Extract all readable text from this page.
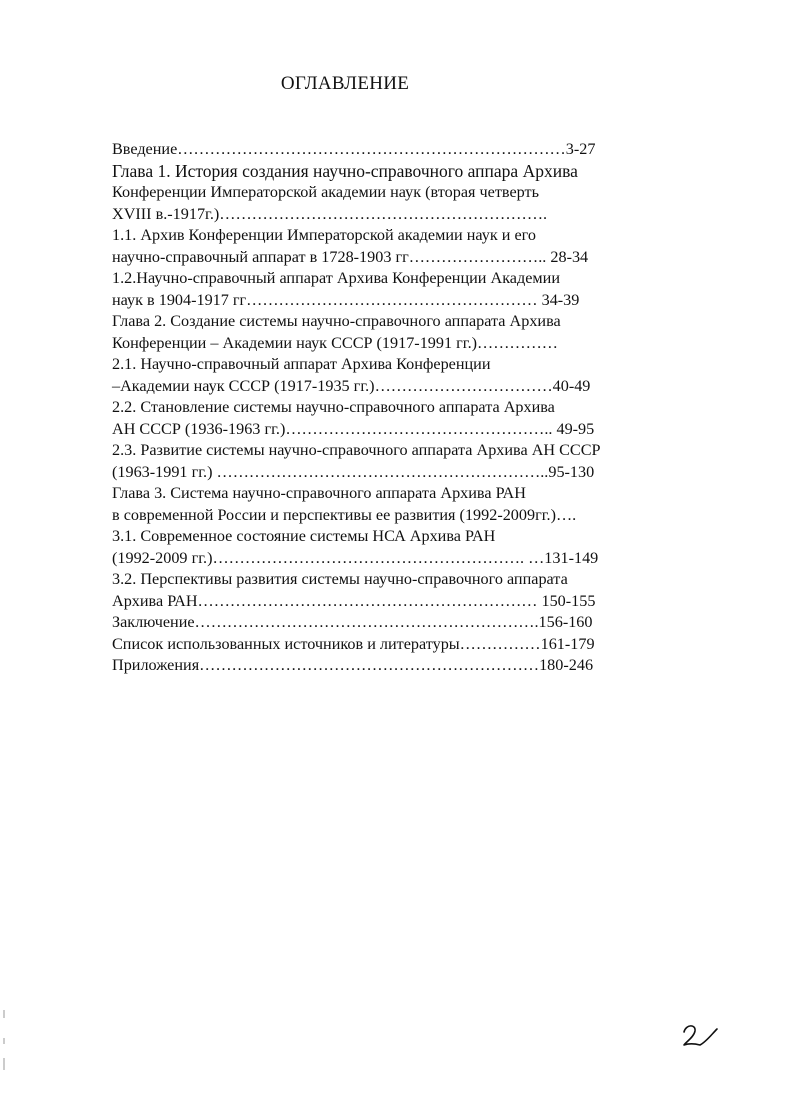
ОГЛАВЛЕНИЕ
Введение………………………………………………………………3-27
Глава 1. История создания научно-справочного аппара Архива
Конференции Императорской академии наук (вторая четверть
XVIII в.-1917г.)…………………………………………………….
1.1. Архив Конференции Императорской академии наук и его
научно-справочный аппарат в 1728-1903 гг…………………….. 28-34
1.2.Научно-справочный аппарат Архива Конференции Академии
наук в 1904-1917 гг……………………………………………… 34-39
Глава 2. Создание системы научно-справочного аппарата Архива
Конференции – Академии наук СССР (1917-1991 гг.)……………
2.1. Научно-справочный аппарат Архива Конференции
–Академии наук СССР (1917-1935 гг.)……………………………40-49
2.2. Становление системы научно-справочного аппарата Архива
АН СССР (1936-1963 гг.)………………………………………….. 49-95
2.3. Развитие системы научно-справочного аппарата Архива АН СССР
(1963-1991 гг.) ……………………………………………………..95-130
Глава 3. Система научно-справочного аппарата Архива РАН
в современной России и перспективы ее развития (1992-2009гг.)….
3.1. Современное состояние системы НСА Архива РАН
(1992-2009 гг.)…………………………………………………. …131-149
3.2. Перспективы развития системы научно-справочного аппарата
Архива РАН……………………………………………………… 150-155
Заключение……………………………………………………….156-160
Список использованных источников и литературы……………161-179
Приложения………………………………………………………180-246
